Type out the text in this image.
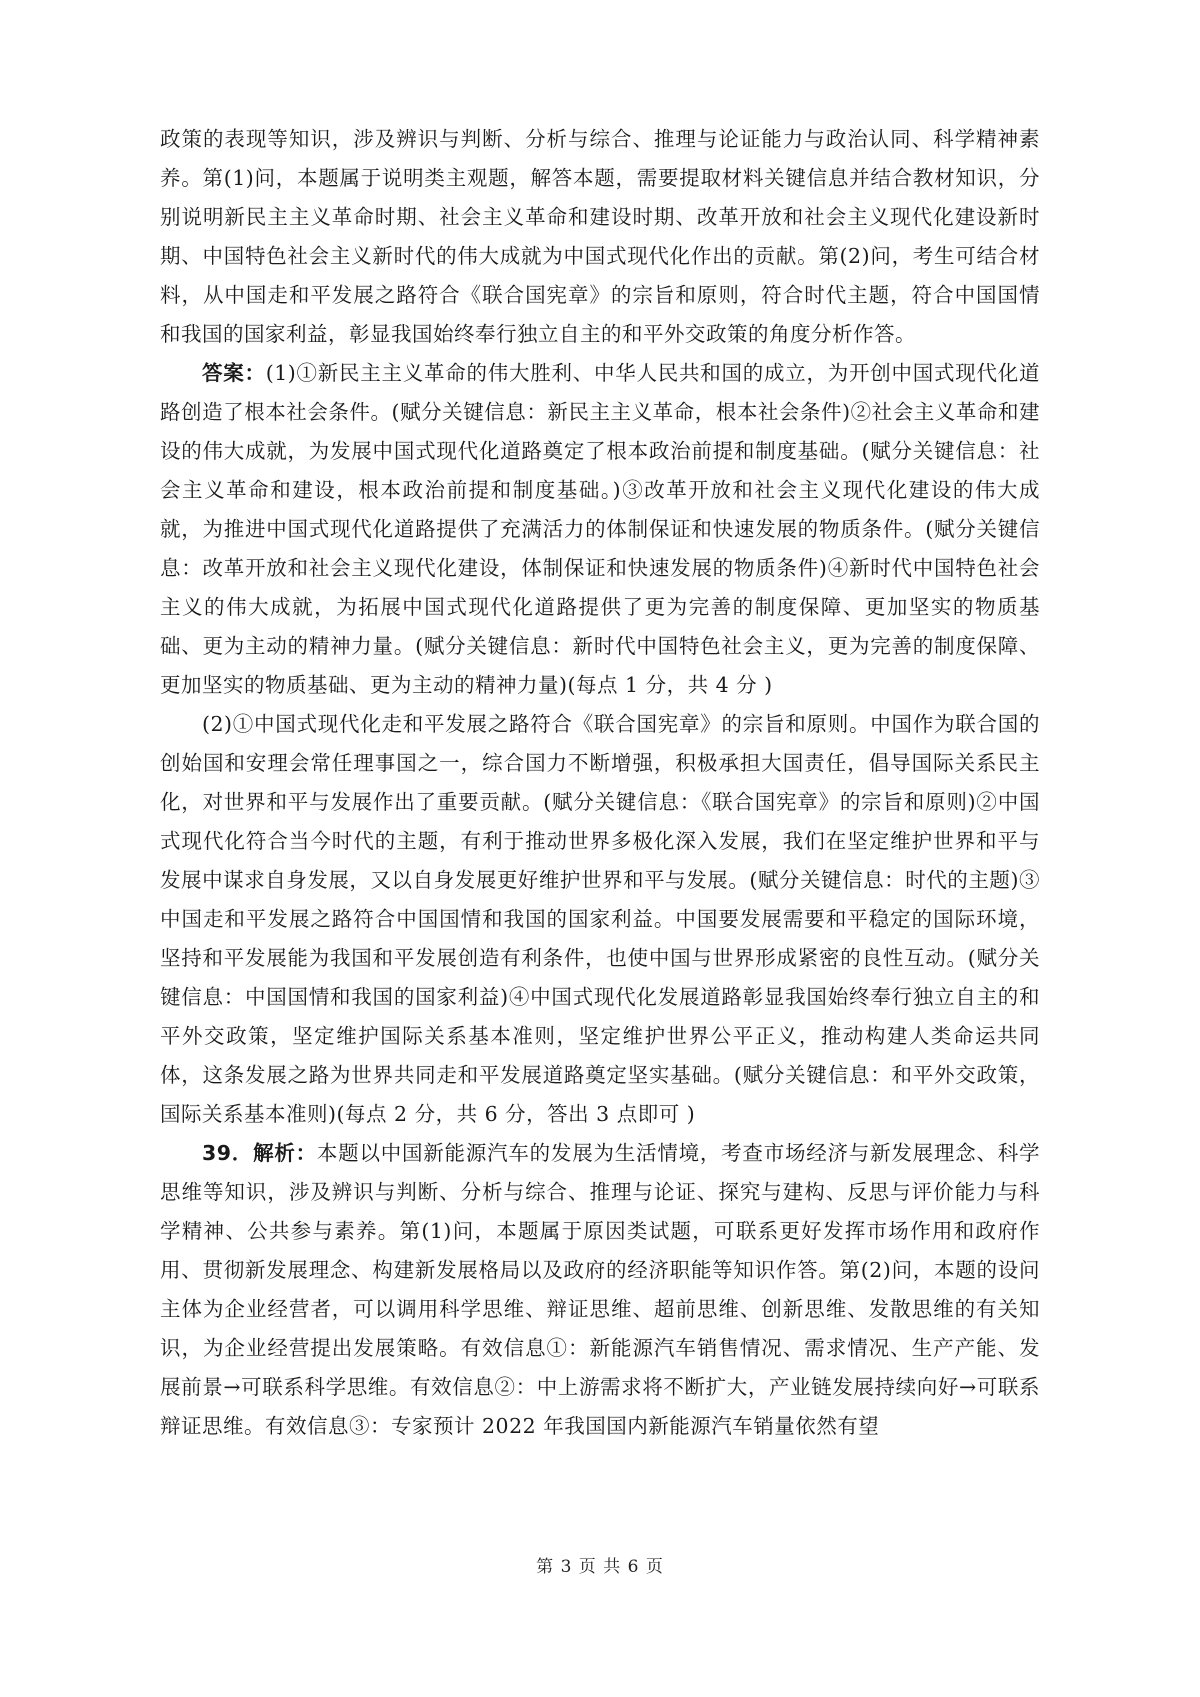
政策的表现等知识，涉及辨识与判断、分析与综合、推理与论证能力与政治认同、科学精神素养。第(1)问，本题属于说明类主观题，解答本题，需要提取材料关键信息并结合教材知识，分别说明新民主主义革命时期、社会主义革命和建设时期、改革开放和社会主义现代化建设新时期、中国特色社会主义新时代的伟大成就为中国式现代化作出的贡献。第(2)问，考生可结合材料，从中国走和平发展之路符合《联合国宪章》的宗旨和原则，符合时代主题，符合中国国情和我国的国家利益，彰显我国始终奉行独立自主的和平外交政策的角度分析作答。

答案：(1)①新民主主义革命的伟大胜利、中华人民共和国的成立，为开创中国式现代化道路创造了根本社会条件。(赋分关键信息：新民主主义革命，根本社会条件)②社会主义革命和建设的伟大成就，为发展中国式现代化道路奠定了根本政治前提和制度基础。(赋分关键信息：社会主义革命和建设，根本政治前提和制度基础。)③改革开放和社会主义现代化建设的伟大成就，为推进中国式现代化道路提供了充满活力的体制保证和快速发展的物质条件。(赋分关键信息：改革开放和社会主义现代化建设，体制保证和快速发展的物质条件)④新时代中国特色社会主义的伟大成就，为拓展中国式现代化道路提供了更为完善的制度保障、更加坚实的物质基础、更为主动的精神力量。(赋分关键信息：新时代中国特色社会主义，更为完善的制度保障、更加坚实的物质基础、更为主动的精神力量)(每点 1 分，共 4 分 )

(2)①中国式现代化走和平发展之路符合《联合国宪章》的宗旨和原则。中国作为联合国的创始国和安理会常任理事国之一，综合国力不断增强，积极承担大国责任，倡导国际关系民主化，对世界和平与发展作出了重要贡献。(赋分关键信息：《联合国宪章》的宗旨和原则)②中国式现代化符合当今时代的主题，有利于推动世界多极化深入发展，我们在坚定维护世界和平与发展中谋求自身发展，又以自身发展更好维护世界和平与发展。(赋分关键信息：时代的主题)③中国走和平发展之路符合中国国情和我国的国家利益。中国要发展需要和平稳定的国际环境，坚持和平发展能为我国和平发展创造有利条件，也使中国与世界形成紧密的良性互动。(赋分关键信息：中国国情和我国的国家利益)④中国式现代化发展道路彰显我国始终奉行独立自主的和平外交政策，坚定维护国际关系基本准则，坚定维护世界公平正义，推动构建人类命运共同体，这条发展之路为世界共同走和平发展道路奠定坚实基础。(赋分关键信息：和平外交政策，国际关系基本准则)(每点 2 分，共 6 分，答出 3 点即可 )

39．解析：本题以中国新能源汽车的发展为生活情境，考查市场经济与新发展理念、科学思维等知识，涉及辨识与判断、分析与综合、推理与论证、探究与建构、反思与评价能力与科学精神、公共参与素养。第(1)问，本题属于原因类试题，可联系更好发挥市场作用和政府作用、贯彻新发展理念、构建新发展格局以及政府的经济职能等知识作答。第(2)问，本题的设问主体为企业经营者，可以调用科学思维、辩证思维、超前思维、创新思维、发散思维的有关知识，为企业经营提出发展策略。有效信息①：新能源汽车销售情况、需求情况、生产产能、发展前景→可联系科学思维。有效信息②：中上游需求将不断扩大，产业链发展持续向好→可联系辩证思维。有效信息③：专家预计 2022 年我国国内新能源汽车销量依然有望

第 3 页 共 6 页
